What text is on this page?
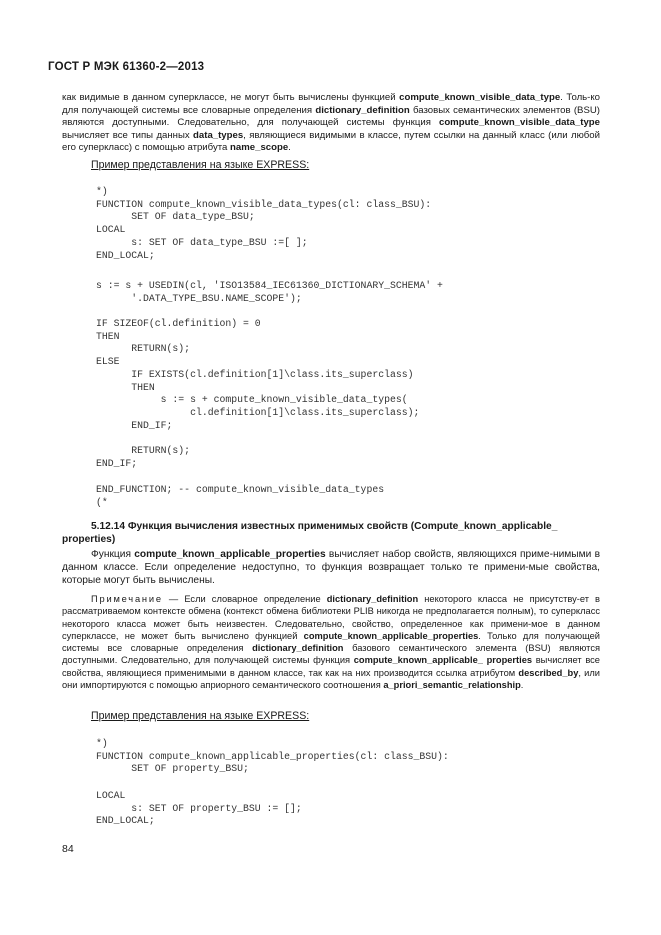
ГОСТ Р МЭК 61360-2—2013
как видимые в данном суперклассе, не могут быть вычислены функцией compute_known_visible_data_type. Толь-ко для получающей системы все словарные определения dictionary_definition базовых семантических элементов (BSU) являются доступными. Следовательно, для получающей системы функция compute_known_visible_data_type вычисляет все типы данных data_types, являющиеся видимыми в классе, путем ссылки на данный класс (или любой его суперкласс) с помощью атрибута name_scope.
Пример представления на языке EXPRESS:
*)
FUNCTION compute_known_visible_data_types(cl: class_BSU):
SET OF data_type_BSU;
LOCAL
s: SET OF data_type_BSU :=[ ];
END_LOCAL;
s := s + USEDIN(cl, 'ISO13584_IEC61360_DICTIONARY_SCHEMA' +
'.DATA_TYPE_BSU.NAME_SCOPE');
IF SIZEOF(cl.definition) = 0
THEN
RETURN(s);
ELSE
IF EXISTS(cl.definition[1]\class.its_superclass)
THEN
s := s + compute_known_visible_data_types(
cl.definition[1]\class.its_superclass);
END_IF;

RETURN(s);
END_IF;
END_FUNCTION; -- compute_known_visible_data_types
(*
5.12.14 Функция вычисления известных применимых свойств (Compute_known_applicable_ properties)
Функция compute_known_applicable_properties вычисляет набор свойств, являющихся приме-нимыми в данном классе. Если определение недоступно, то функция возвращает только те примени-мые свойства, которые могут быть вычислены.
Примечание — Если словарное определение dictionary_definition некоторого класса не присутству-ет в рассматриваемом контексте обмена (контекст обмена библиотеки PLIB никогда не предполагается полным), то суперкласс некоторого класса может быть неизвестен. Следовательно, свойство, определенное как примени-мое в данном суперклассе, не может быть вычислено функцией compute_known_applicable_properties. Только для получающей системы все словарные определения dictionary_definition базового семантического элемента (BSU) являются доступными. Следовательно, для получающей системы функция compute_known_applicable_ properties вычисляет все свойства, являющиеся применимыми в данном классе, так как на них производится ссылка атрибутом described_by, или они импортируются с помощью априорного семантического соотношения a_priori_semantic_relationship.
Пример представления на языке EXPRESS:
*)
FUNCTION compute_known_applicable_properties(cl: class_BSU):
SET OF property_BSU;
LOCAL
s: SET OF property_BSU := [];
END_LOCAL;
84
